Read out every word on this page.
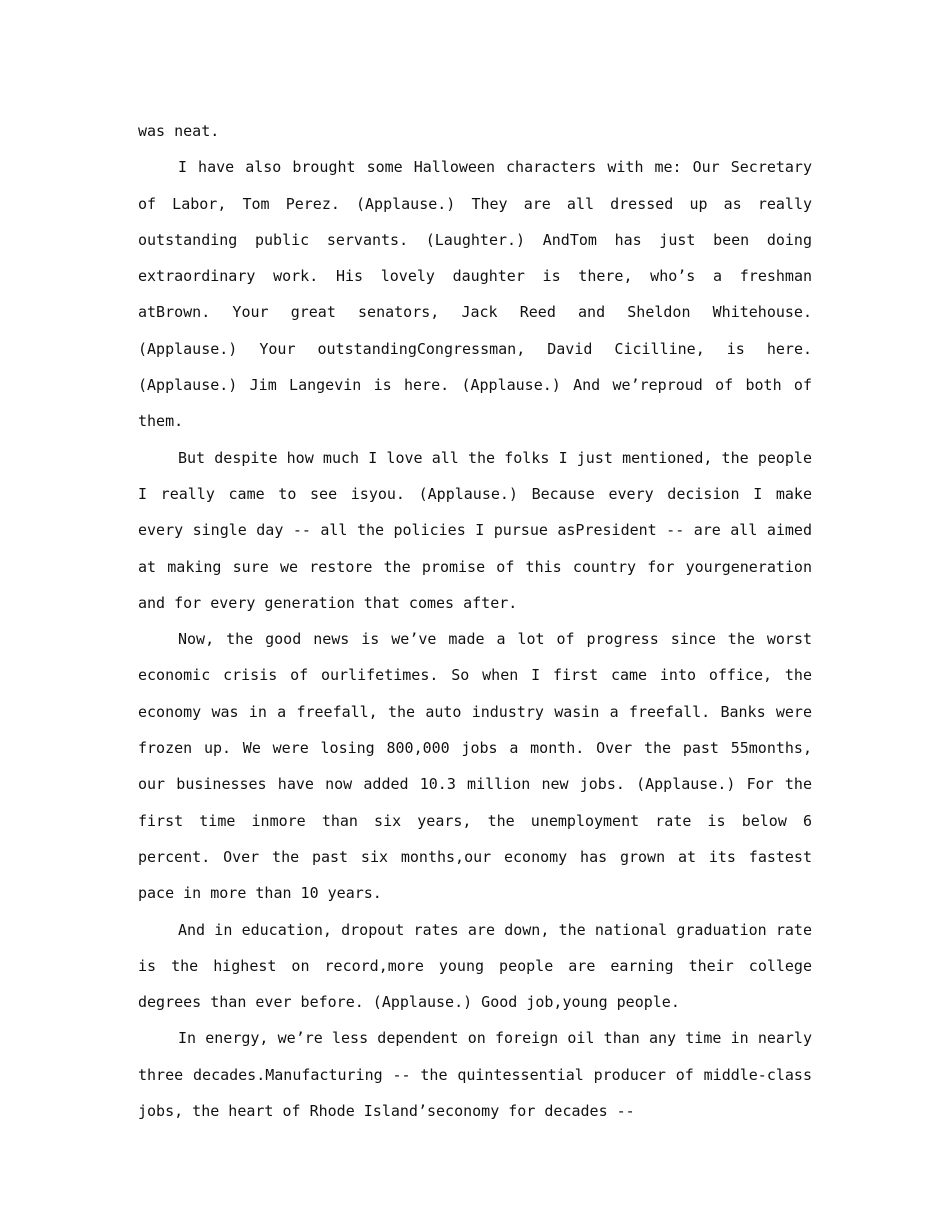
was neat.

I have also brought some Halloween characters with me: Our Secretary of Labor, Tom Perez. (Applause.) They are all dressed up as really outstanding public servants. (Laughter.) AndTom has just been doing extraordinary work. His lovely daughter is there, who’s a freshman atBrown. Your great senators, Jack Reed and Sheldon Whitehouse. (Applause.) Your outstandingCongressman, David Cicilline, is here. (Applause.) Jim Langevin is here. (Applause.) And we’reproud of both of them.

But despite how much I love all the folks I just mentioned, the people I really came to see isyou. (Applause.) Because every decision I make every single day -- all the policies I pursue asPresident -- are all aimed at making sure we restore the promise of this country for yourgeneration and for every generation that comes after.

Now, the good news is we’ve made a lot of progress since the worst economic crisis of ourlifetimes. So when I first came into office, the economy was in a freefall, the auto industry wasin a freefall. Banks were frozen up. We were losing 800,000 jobs a month. Over the past 55months, our businesses have now added 10.3 million new jobs. (Applause.) For the first time inmore than six years, the unemployment rate is below 6 percent. Over the past six months,our economy has grown at its fastest pace in more than 10 years.

And in education, dropout rates are down, the national graduation rate is the highest on record,more young people are earning their college degrees than ever before. (Applause.) Good job,young people.

In energy, we’re less dependent on foreign oil than any time in nearly three decades.Manufacturing -- the quintessential producer of middle-class jobs, the heart of Rhode Island’seconomy for decades --
